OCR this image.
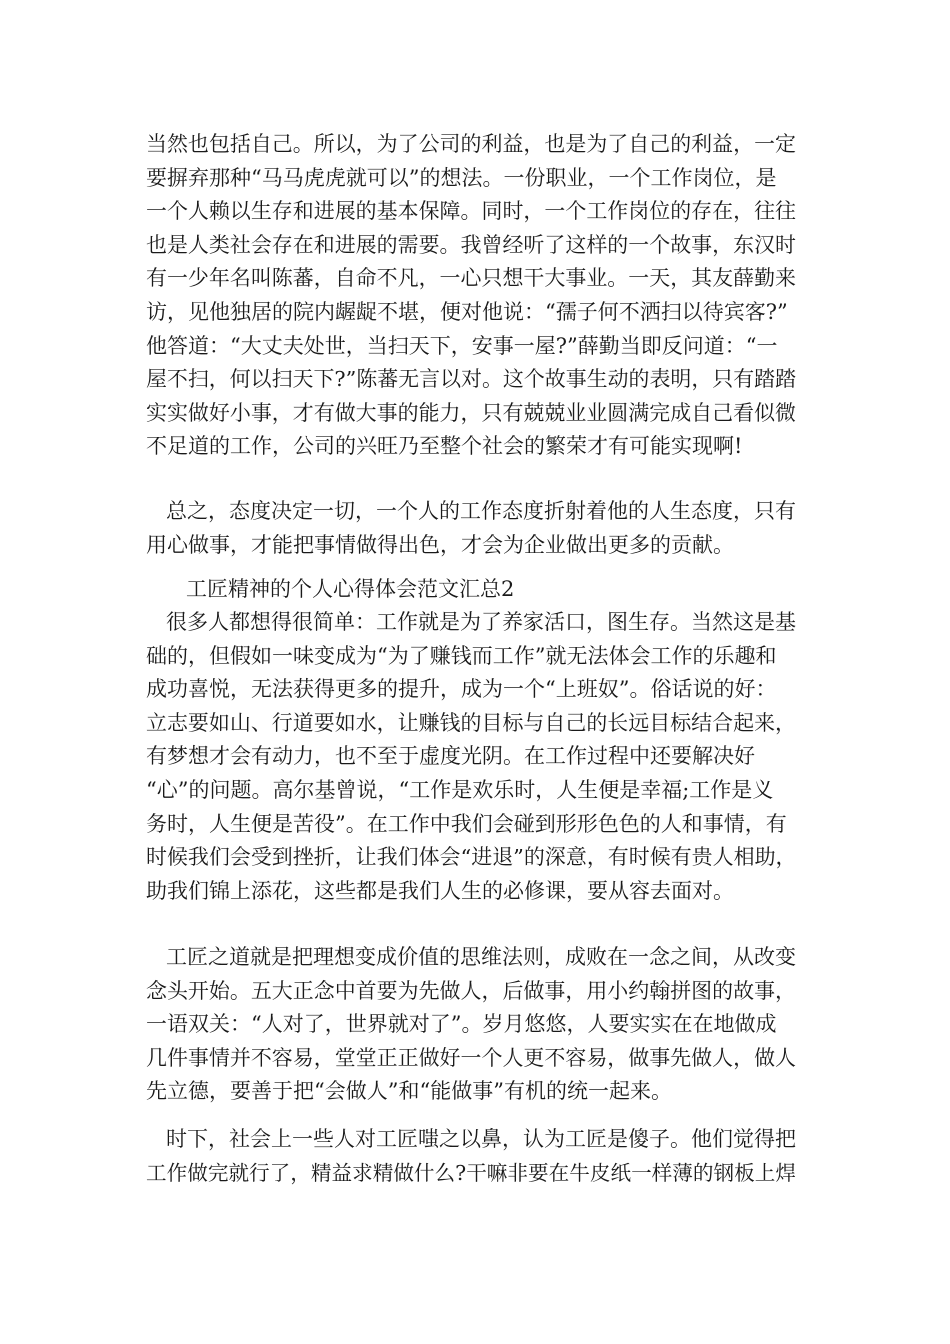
当然也包括自己。所以，为了公司的利益，也是为了自己的利益，一定
要摒弃那种“马马虎虎就可以”的想法。一份职业，一个工作岗位，是
一个人赖以生存和进展的基本保障。同时，一个工作岗位的存在，往往
也是人类社会存在和进展的需要。我曾经听了这样的一个故事，东汉时
有一少年名叫陈蕃，自命不凡，一心只想干大事业。一天，其友薛勤来
访，见他独居的院内龌龊不堪，便对他说：“孺子何不洒扫以待宾客?”
他答道：“大丈夫处世，当扫天下，安事一屋?”薛勤当即反问道：“一
屋不扫，何以扫天下?”陈蕃无言以对。这个故事生动的表明，只有踏踏
实实做好小事，才有做大事的能力，只有兢兢业业圆满完成自己看似微
不足道的工作，公司的兴旺乃至整个社会的繁荣才有可能实现啊!
总之，态度决定一切，一个人的工作态度折射着他的人生态度，只有
用心做事，才能把事情做得出色，才会为企业做出更多的贡献。
工匠精神的个人心得体会范文汇总2
很多人都想得很简单：工作就是为了养家活口，图生存。当然这是基
础的，但假如一味变成为“为了赚钱而工作”就无法体会工作的乐趣和
成功喜悦，无法获得更多的提升，成为一个“上班奴”。俗话说的好：
立志要如山、行道要如水，让赚钱的目标与自己的长远目标结合起来，
有梦想才会有动力，也不至于虚度光阴。在工作过程中还要解决好
“心”的问题。高尔基曾说，“工作是欢乐时，人生便是幸福;工作是义
务时，人生便是苦役”。在工作中我们会碰到形形色色的人和事情，有
时候我们会受到挫折，让我们体会“进退”的深意，有时候有贵人相助，
助我们锦上添花，这些都是我们人生的必修课，要从容去面对。
工匠之道就是把理想变成价值的思维法则，成败在一念之间，从改变
念头开始。五大正念中首要为先做人，后做事，用小约翰拼图的故事，
一语双关：“人对了，世界就对了”。岁月悠悠，人要实实在在地做成
几件事情并不容易，堂堂正正做好一个人更不容易，做事先做人，做人
先立德，要善于把“会做人”和“能做事”有机的统一起来。
时下，社会上一些人对工匠嗤之以鼻，认为工匠是傻子。他们觉得把
工作做完就行了，精益求精做什么?干嘛非要在牛皮纸一样薄的钢板上焊
